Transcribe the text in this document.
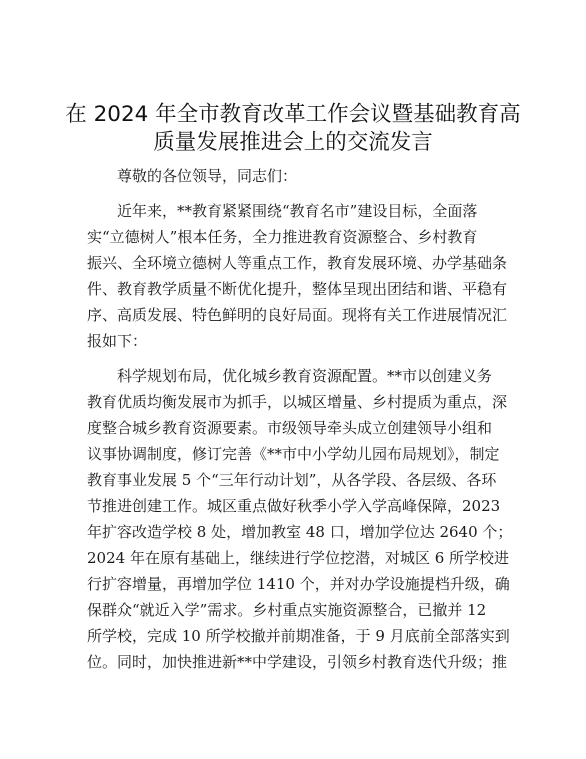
在 2024 年全市教育改革工作会议暨基础教育高
质量发展推进会上的交流发言
尊敬的各位领导，同志们：
近年来，**教育紧紧围绕“教育名市”建设目标，全面落
实“立德树人”根本任务，全力推进教育资源整合、乡村教育
振兴、全环境立德树人等重点工作，教育发展环境、办学基础条
件、教育教学质量不断优化提升，整体呈现出团结和谐、平稳有
序、高质发展、特色鲜明的良好局面。现将有关工作进展情况汇
报如下：
科学规划布局，优化城乡教育资源配置。**市以创建义务
教育优质均衡发展市为抓手，以城区增量、乡村提质为重点，深
度整合城乡教育资源要素。市级领导牵头成立创建领导小组和
议事协调制度，修订完善《**市中小学幼儿园布局规划》，制定
教育事业发展 5 个“三年行动计划”，从各学段、各层级、各环
节推进创建工作。城区重点做好秋季小学入学高峰保障，2023
年扩容改造学校 8 处，增加教室 48 口，增加学位达 2640 个；
2024 年在原有基础上，继续进行学位挖潜，对城区 6 所学校进
行扩容增量，再增加学位 1410 个，并对办学设施提档升级，确
保群众“就近入学”需求。乡村重点实施资源整合，已撤并 12
所学校，完成 10 所学校撤并前期准备，于 9 月底前全部落实到
位。同时，加快推进新**中学建设，引领乡村教育迭代升级；推
